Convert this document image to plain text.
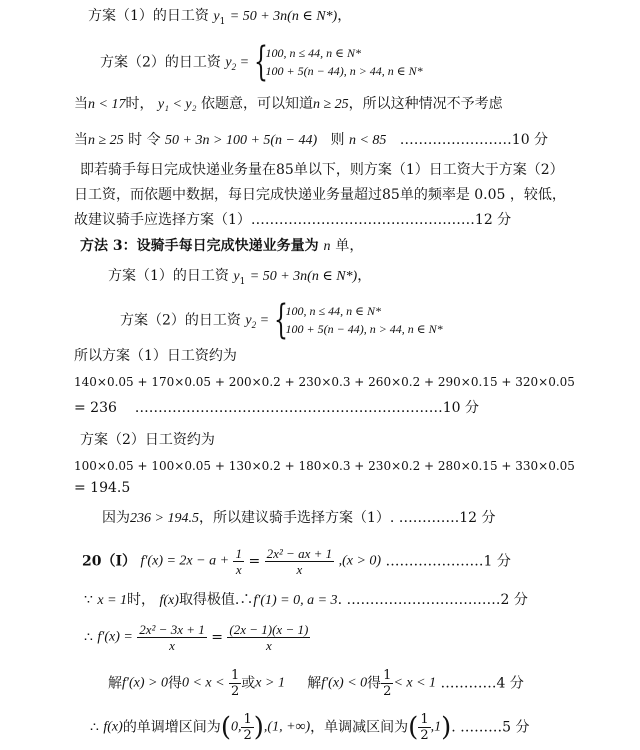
方案（1）的日工资 $y_1 = 50 + 3n(n$ ∈ N*)，
方案（2）的日工资 $y_2$ = {
100, n ≤ 44, n ∈ N*
100 + 5(n − 44), n > 44, n ∈ N*
当n < 17时， y₁ < y₂ 依题意，可以知道n ≥ 25，所以这种情况不予考虑
当n ≥ 25 时 令 50 + 3n > 100 + 5(n − 44) 则 n < 85 ……………………10 分
即若骑手每日完成快递业务量在85单以下，则方案（1）日工资大于方案（2）
日工资，而依题中数据，每日完成快递业务量超过85单的频率是 0.05 ，较低，
故建议骑手应选择方案（1）…………………………………………12 分
方法 3：设骑手每日完成快递业务量为 n 单，
方案（1）的日工资 $y_1 = 50 + 3n(n$ ∈ N*)，
方案（2）的日工资 $y_2$ = {
100, n ≤ 44, n ∈ N*
100 + 5(n − 44), n > 44, n ∈ N*
所以方案（1）日工资约为
140×0.05 + 170×0.05 + 200×0.2 + 230×0.3 + 260×0.2 + 290×0.15 + 320×0.05
= 236 …………………………………………………………10 分
方案（2）日工资约为
100×0.05 + 100×0.05 + 130×0.2 + 180×0.3 + 230×0.2 + 280×0.15 + 330×0.05
= 194.5
因为236 > 194.5，所以建议骑手选择方案（1）. ………….12 分
20（Ⅰ） $f'(x) = 2x - a + \frac{1}{x} = \frac{\text{2x² − ax + 1}}{x} ,(x > 0)$ …………………1 分
∵ x = 1时， f(x)取得极值.∴f′(1) = 0, a = 3. ……………………………2 分
∴ $f'(x) = \frac{\text{2x² − 3x + 1}}{x} = \frac{(2x - 1)(x - 1)}{x}$
解f′(x) > 0得$0 < x < \frac{1}{2}$ 或x > 1 解f′(x) < 0得 $\frac{1}{2} < x < 1$ …………4 分
∴ f(x)的单调增区间为(0, $\frac{1}{2} ),(1$, +∞)，单调减区间为( $\frac{1}{2} ,1$). ………5 分
